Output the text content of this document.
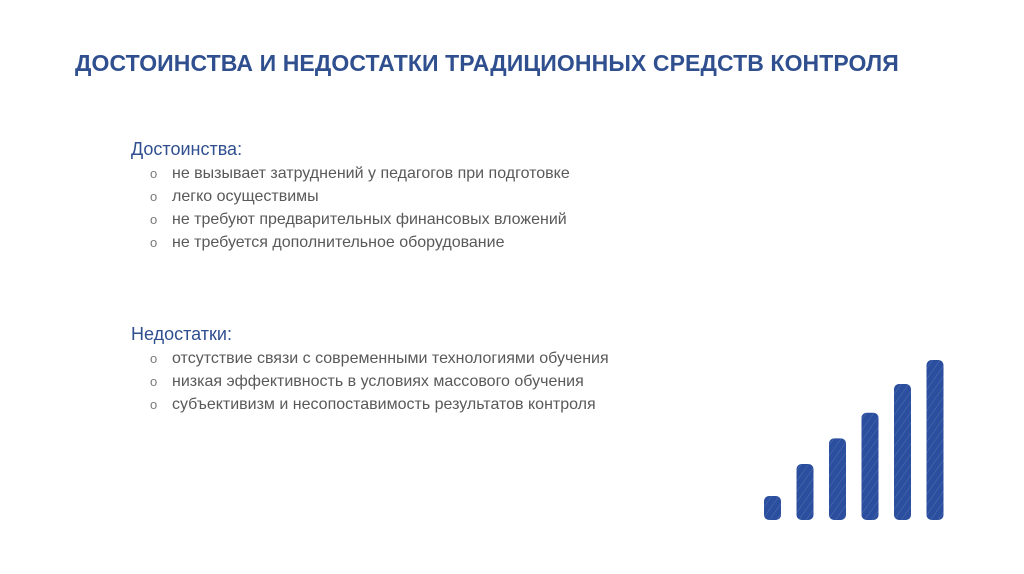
ДОСТОИНСТВА И НЕДОСТАТКИ ТРАДИЦИОННЫХ СРЕДСТВ КОНТРОЛЯ
Достоинства:
o не вызывает затруднений у педагогов при подготовке
o легко осуществимы
o не требуют предварительных финансовых вложений
o не требуется дополнительное оборудование
Недостатки:
o отсутствие связи с современными технологиями обучения
o низкая эффективность в условиях массового обучения
o субъективизм и несопоставимость результатов контроля
